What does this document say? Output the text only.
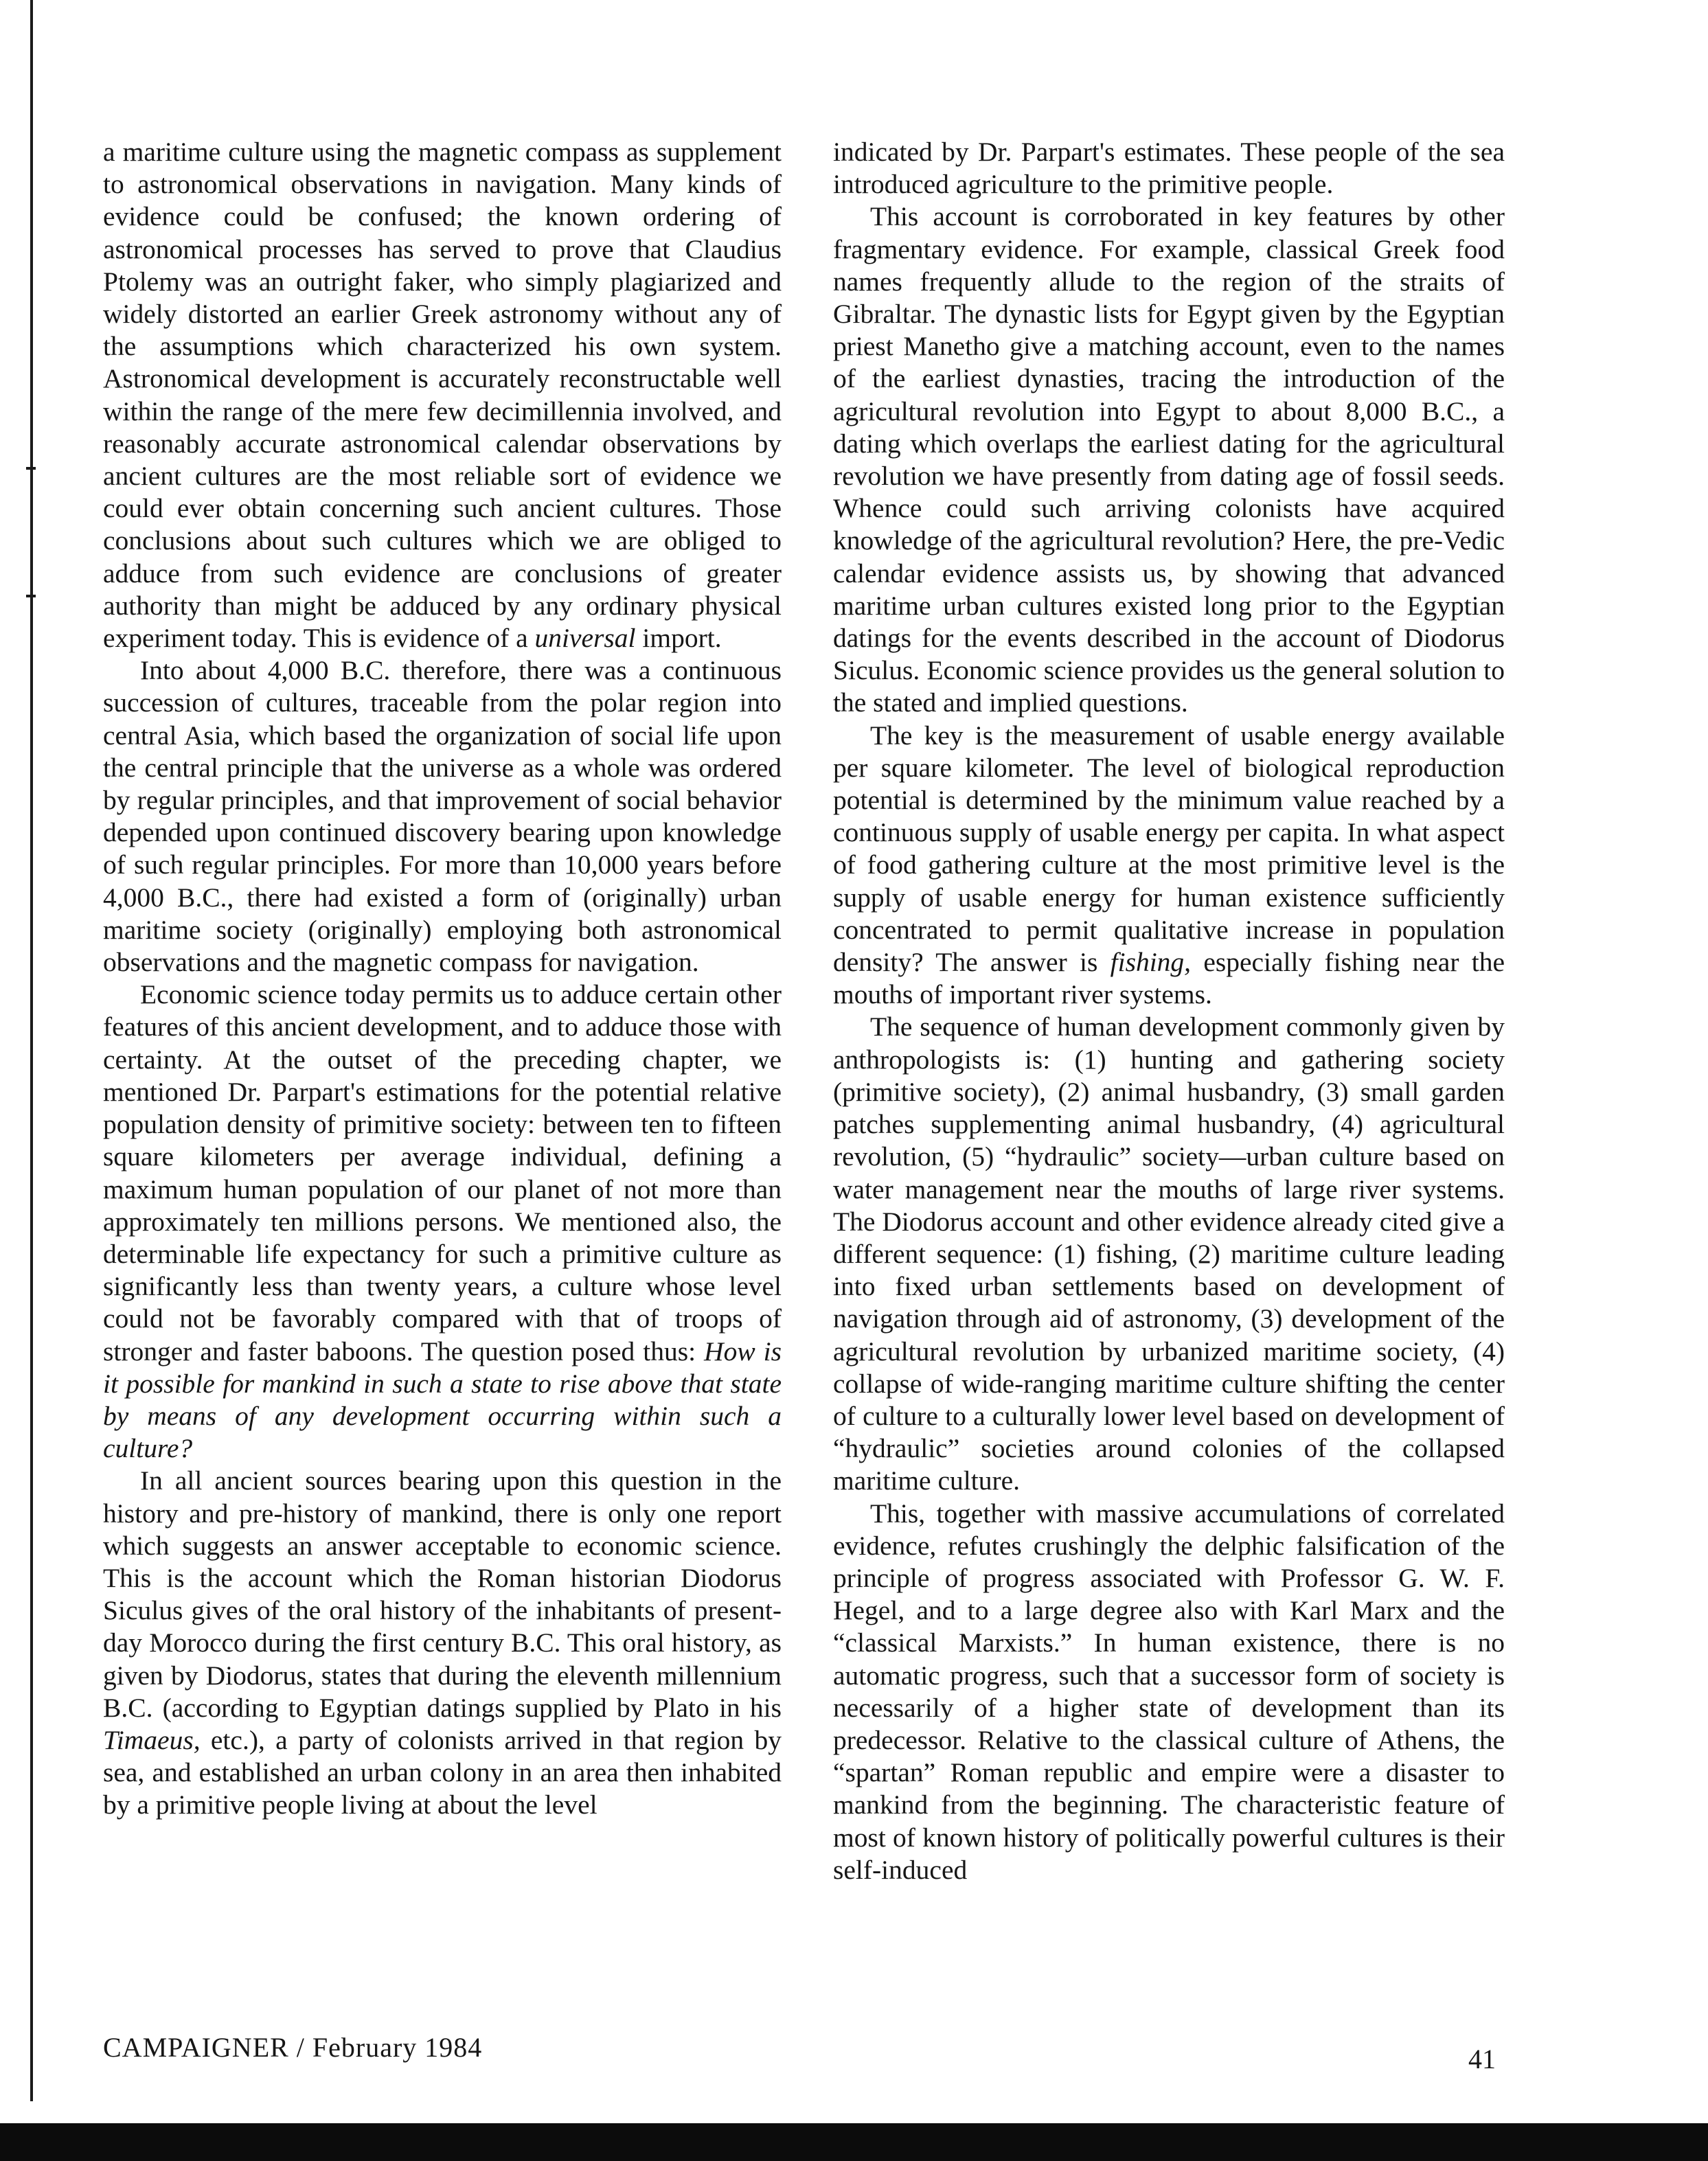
a maritime culture using the magnetic compass as supplement to astronomical observations in navigation. Many kinds of evidence could be confused; the known ordering of astronomical processes has served to prove that Claudius Ptolemy was an outright faker, who simply plagiarized and widely distorted an earlier Greek astronomy without any of the assumptions which characterized his own system. Astronomical development is accurately reconstructable well within the range of the mere few decimillennia involved, and reasonably accurate astronomical calendar observations by ancient cultures are the most reliable sort of evidence we could ever obtain concerning such ancient cultures. Those conclusions about such cultures which we are obliged to adduce from such evidence are conclusions of greater authority than might be adduced by any ordinary physical experiment today. This is evidence of a universal import.

Into about 4,000 B.C. therefore, there was a continuous succession of cultures, traceable from the polar region into central Asia, which based the organization of social life upon the central principle that the universe as a whole was ordered by regular principles, and that improvement of social behavior depended upon continued discovery bearing upon knowledge of such regular principles. For more than 10,000 years before 4,000 B.C., there had existed a form of (originally) urban maritime society (originally) employing both astronomical observations and the magnetic compass for navigation.

Economic science today permits us to adduce certain other features of this ancient development, and to adduce those with certainty. At the outset of the preceding chapter, we mentioned Dr. Parpart's estimations for the potential relative population density of primitive society: between ten to fifteen square kilometers per average individual, defining a maximum human population of our planet of not more than approximately ten millions persons. We mentioned also, the determinable life expectancy for such a primitive culture as significantly less than twenty years, a culture whose level could not be favorably compared with that of troops of stronger and faster baboons. The question posed thus: How is it possible for mankind in such a state to rise above that state by means of any development occurring within such a culture?

In all ancient sources bearing upon this question in the history and pre-history of mankind, there is only one report which suggests an answer acceptable to economic science. This is the account which the Roman historian Diodorus Siculus gives of the oral history of the inhabitants of present-day Morocco during the first century B.C. This oral history, as given by Diodorus, states that during the eleventh millennium B.C. (according to Egyptian datings supplied by Plato in his Timaeus, etc.), a party of colonists arrived in that region by sea, and established an urban colony in an area then inhabited by a primitive people living at about the level

indicated by Dr. Parpart's estimates. These people of the sea introduced agriculture to the primitive people.

This account is corroborated in key features by other fragmentary evidence. For example, classical Greek food names frequently allude to the region of the straits of Gibraltar. The dynastic lists for Egypt given by the Egyptian priest Manetho give a matching account, even to the names of the earliest dynasties, tracing the introduction of the agricultural revolution into Egypt to about 8,000 B.C., a dating which overlaps the earliest dating for the agricultural revolution we have presently from dating age of fossil seeds. Whence could such arriving colonists have acquired knowledge of the agricultural revolution? Here, the pre-Vedic calendar evidence assists us, by showing that advanced maritime urban cultures existed long prior to the Egyptian datings for the events described in the account of Diodorus Siculus. Economic science provides us the general solution to the stated and implied questions.

The key is the measurement of usable energy available per square kilometer. The level of biological reproduction potential is determined by the minimum value reached by a continuous supply of usable energy per capita. In what aspect of food gathering culture at the most primitive level is the supply of usable energy for human existence sufficiently concentrated to permit qualitative increase in population density? The answer is fishing, especially fishing near the mouths of important river systems.

The sequence of human development commonly given by anthropologists is: (1) hunting and gathering society (primitive society), (2) animal husbandry, (3) small garden patches supplementing animal husbandry, (4) agricultural revolution, (5) “hydraulic” society—urban culture based on water management near the mouths of large river systems. The Diodorus account and other evidence already cited give a different sequence: (1) fishing, (2) maritime culture leading into fixed urban settlements based on development of navigation through aid of astronomy, (3) development of the agricultural revolution by urbanized maritime society, (4) collapse of wide-ranging maritime culture shifting the center of culture to a culturally lower level based on development of “hydraulic” societies around colonies of the collapsed maritime culture.

This, together with massive accumulations of correlated evidence, refutes crushingly the delphic falsification of the principle of progress associated with Professor G. W. F. Hegel, and to a large degree also with Karl Marx and the “classical Marxists.” In human existence, there is no automatic progress, such that a successor form of society is necessarily of a higher state of development than its predecessor. Relative to the classical culture of Athens, the “spartan” Roman republic and empire were a disaster to mankind from the beginning. The characteristic feature of most of known history of politically powerful cultures is their self-induced

CAMPAIGNER / February 1984	41
